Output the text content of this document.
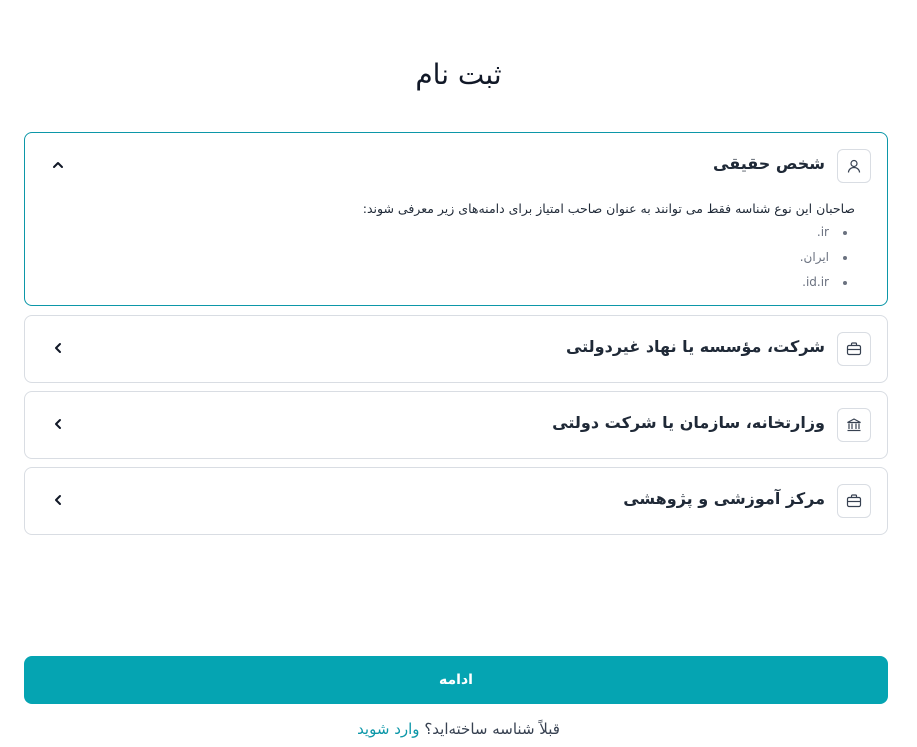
ثبت نام
شخص حقیقی

صاحبان این نوع شناسه فقط می توانند به عنوان صاحب امتیاز برای دامنه‌های زیر معرفی شوند:

.ir
.ایران
.id.ir
شرکت، مؤسسه یا نهاد غیردولتی
وزارتخانه، سازمان یا شرکت دولتی
مرکز آموزشی و پژوهشی
ادامه
قبلاً شناسه ساخته‌اید؟ وارد شوید
